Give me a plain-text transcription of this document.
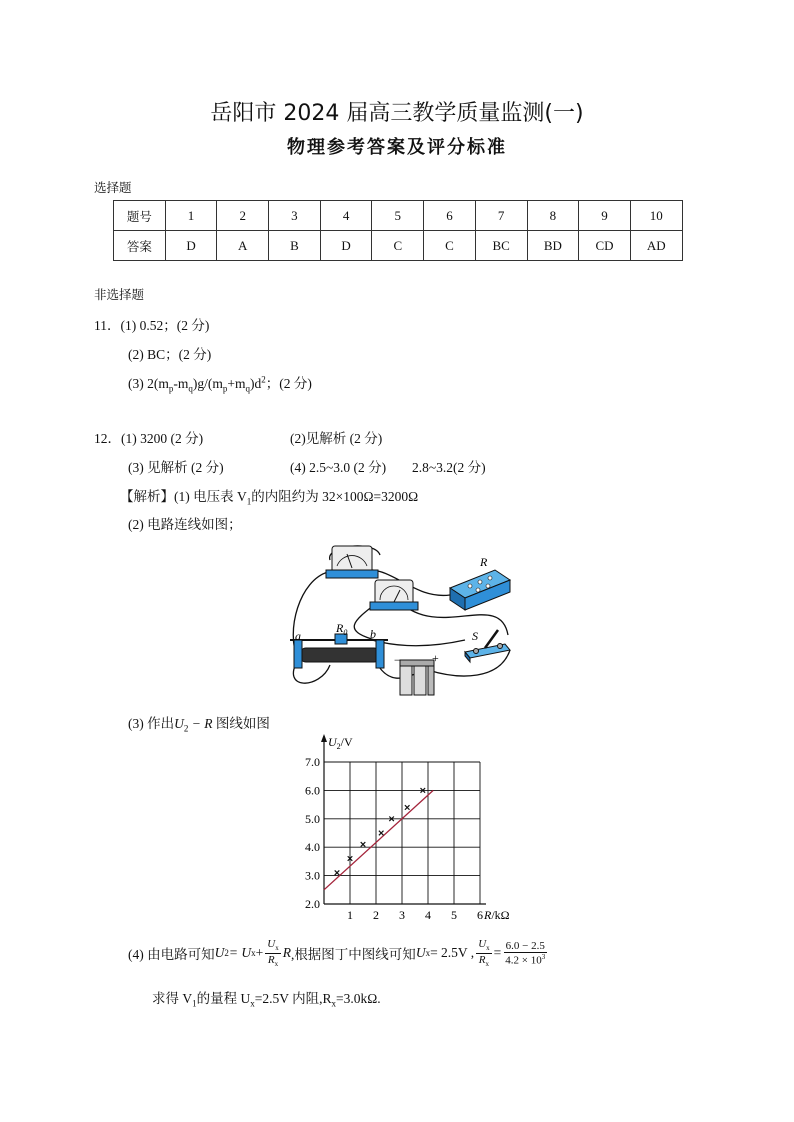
岳阳市 2024 届高三教学质量监测(一)
物理参考答案及评分标准
选择题
题号	1	2	3	4	5	6	7	8	9	10
答案	D	A	B	D	C	C	BC	BD	CD	AD
非选择题
11．(1) 0.52；(2 分)
(2) BC；(2 分)
(3) $2(m_p-m_q)g/(m_p+m_q)d^2$；(2 分)
12．(1) 3200 (2 分)	(2)见解析 (2 分)
(3) 见解析 (2 分)	(4) 2.5~3.0 (2 分) 2.8~3.2(2 分)
【解析】(1) 电压表 $V_1$的内阻约为 32×100Ω=3200Ω
(2) 电路连线如图；
R
a	b
$R_0$
−	+
S
(3) 作出$U_2 - R$ 图线如图
2.0
3.0
4.0
5.0
6.0
7.0
1 2 3 4 5 6
$U_2/V$
R/kΩ
(4) 由电路可知 U 2 = U $x + \frac{U_x}{R_x}$ R ,根据图丁中图线可知 U x = 2.5V , $\frac{U_x}{R_x} = \frac{6.0 - 2.5}{4.2 \times 10^3}$
求得 $V_1$的量程 $U_x=2.5V$ 内阻$,R_x=3.0k\Omega$.
